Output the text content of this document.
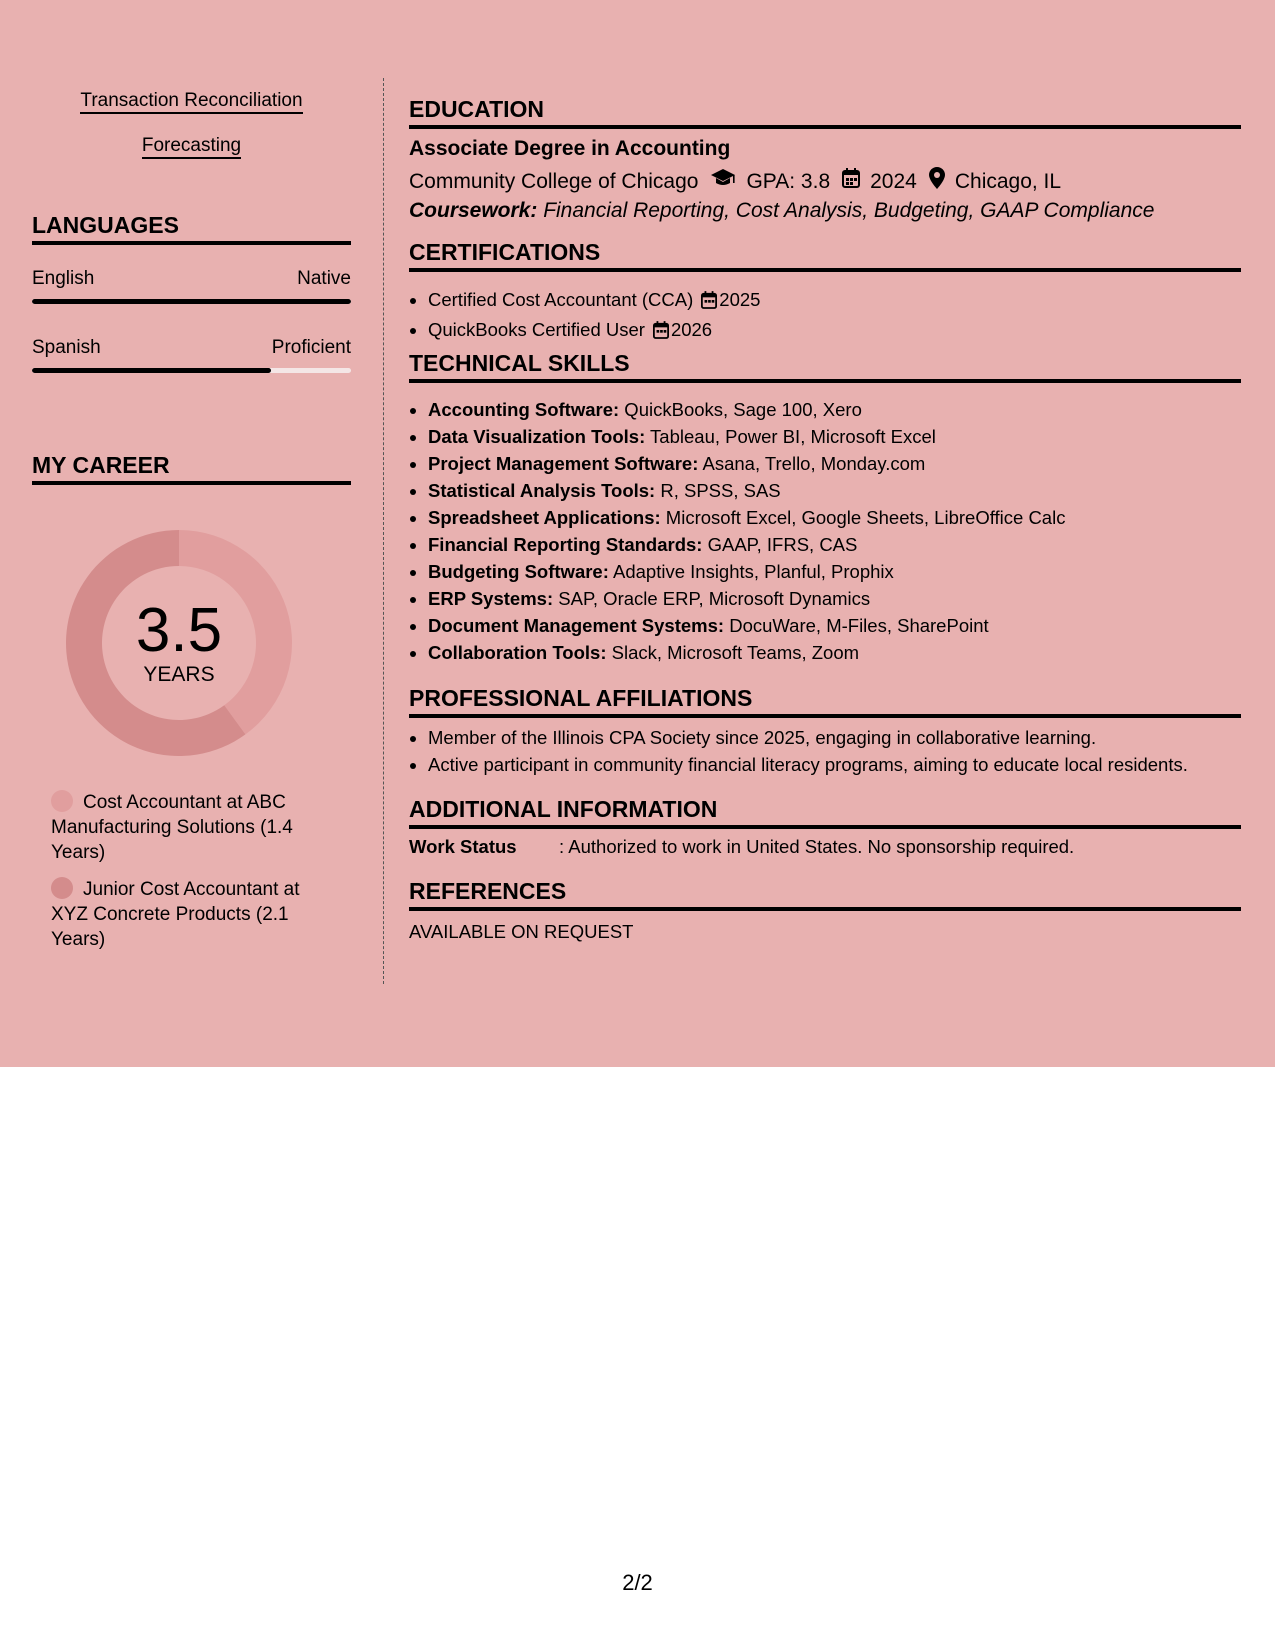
Transaction Reconciliation
Forecasting
LANGUAGES
English	Native
Spanish	Proficient
MY CAREER
3.5
YEARS
Cost Accountant at ABC Manufacturing Solutions (1.4 Years)
Junior Cost Accountant at XYZ Concrete Products (2.1 Years)
EDUCATION
Associate Degree in Accounting
Community College of Chicago GPA: 3.8 2024 Chicago, IL
Coursework: Financial Reporting, Cost Analysis, Budgeting, GAAP Compliance
CERTIFICATIONS
• Certified Cost Accountant (CCA) 2025
• QuickBooks Certified User 2026
TECHNICAL SKILLS
• Accounting Software: QuickBooks, Sage 100, Xero
• Data Visualization Tools: Tableau, Power BI, Microsoft Excel
• Project Management Software: Asana, Trello, Monday.com
• Statistical Analysis Tools: R, SPSS, SAS
• Spreadsheet Applications: Microsoft Excel, Google Sheets, LibreOffice Calc
• Financial Reporting Standards: GAAP, IFRS, CAS
• Budgeting Software: Adaptive Insights, Planful, Prophix
• ERP Systems: SAP, Oracle ERP, Microsoft Dynamics
• Document Management Systems: DocuWare, M-Files, SharePoint
• Collaboration Tools: Slack, Microsoft Teams, Zoom
PROFESSIONAL AFFILIATIONS
• Member of the Illinois CPA Society since 2025, engaging in collaborative learning.
• Active participant in community financial literacy programs, aiming to educate local residents.
ADDITIONAL INFORMATION
Work Status : Authorized to work in United States. No sponsorship required.
REFERENCES
AVAILABLE ON REQUEST
2/2
